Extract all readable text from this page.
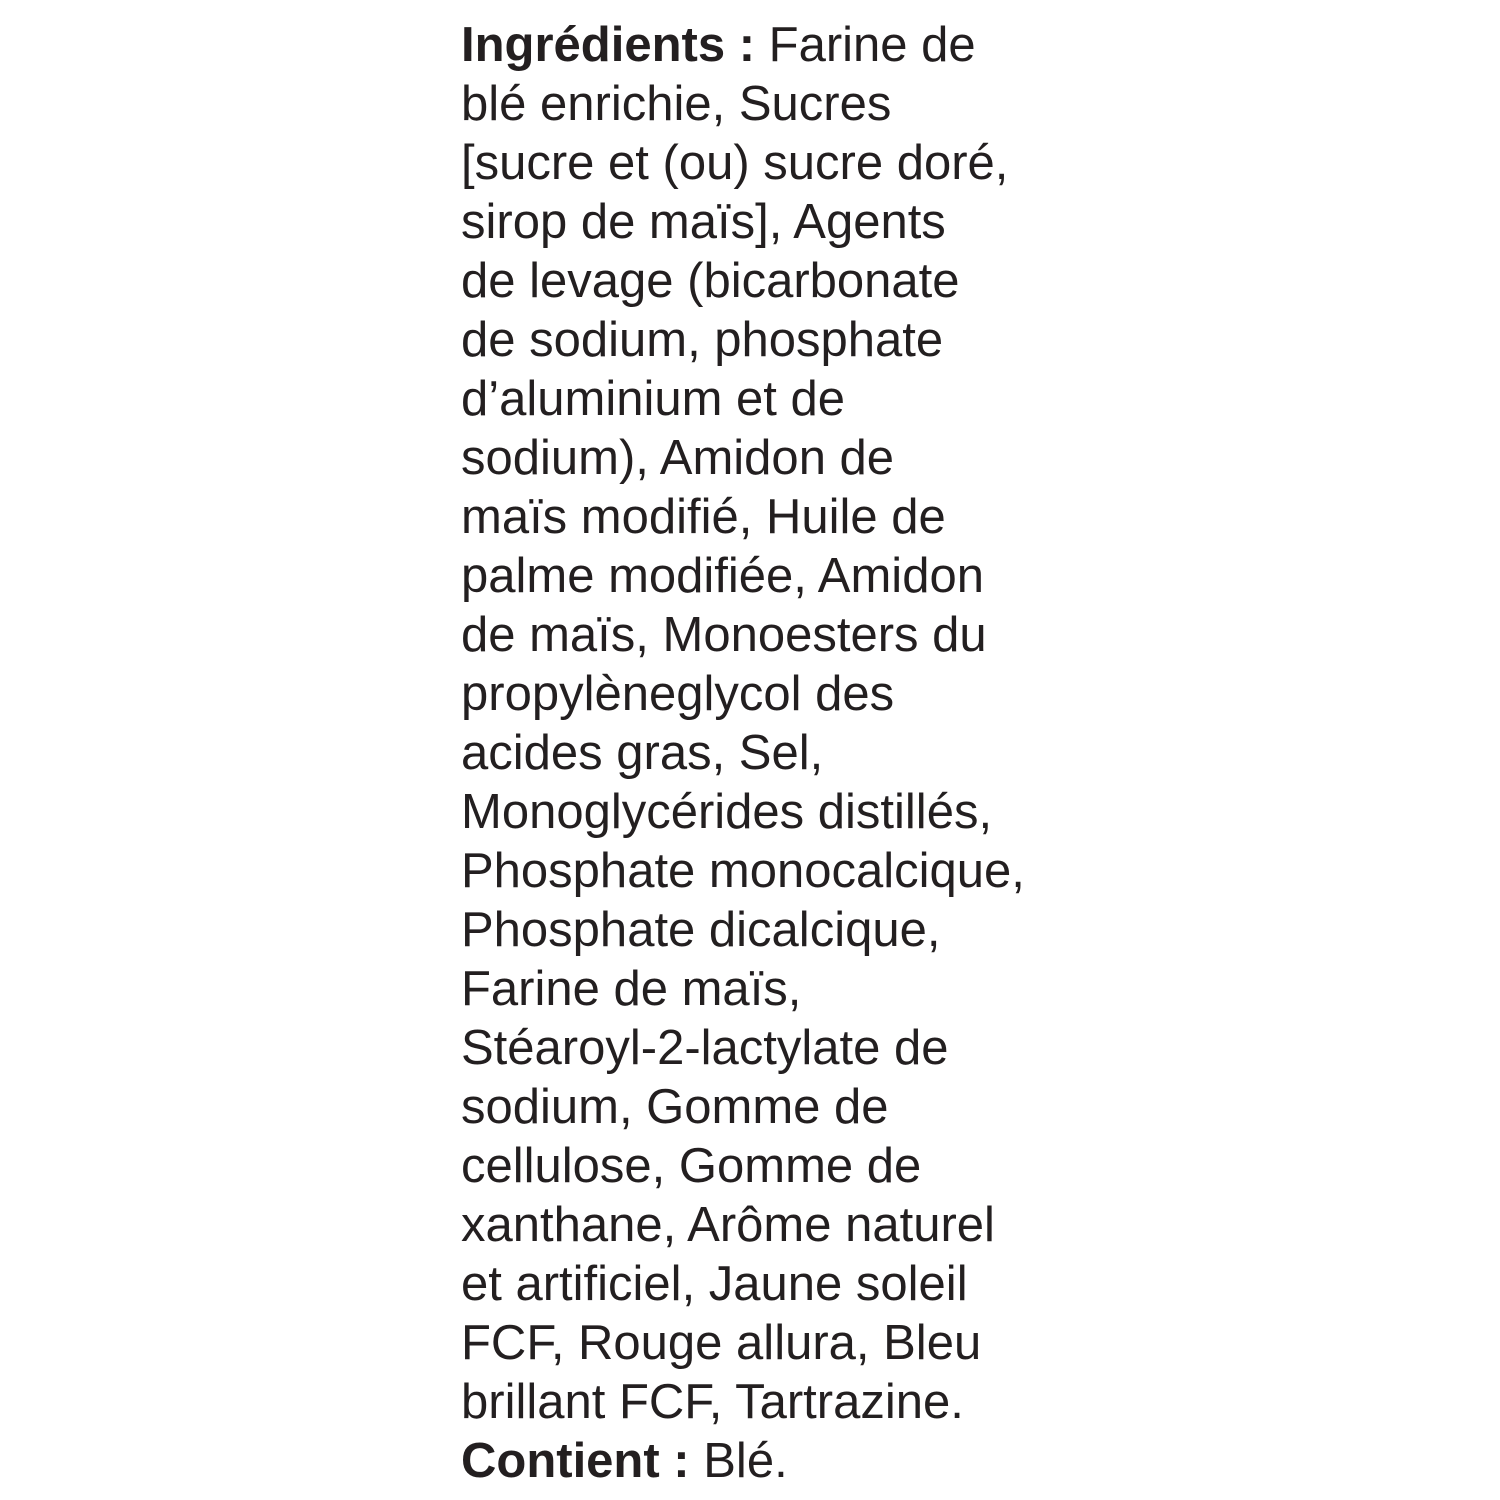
Ingrédients : Farine de
blé enrichie, Sucres
[sucre et (ou) sucre doré,
sirop de maïs], Agents
de levage (bicarbonate
de sodium, phosphate
d’aluminium et de
sodium), Amidon de
maïs modifié, Huile de
palme modifiée, Amidon
de maïs, Monoesters du
propylèneglycol des
acides gras, Sel,
Monoglycérides distillés,
Phosphate monocalcique,
Phosphate dicalcique,
Farine de maïs,
Stéaroyl-2-lactylate de
sodium, Gomme de
cellulose, Gomme de
xanthane, Arôme naturel
et artificiel, Jaune soleil
FCF, Rouge allura, Bleu
brillant FCF, Tartrazine.
Contient : Blé.
